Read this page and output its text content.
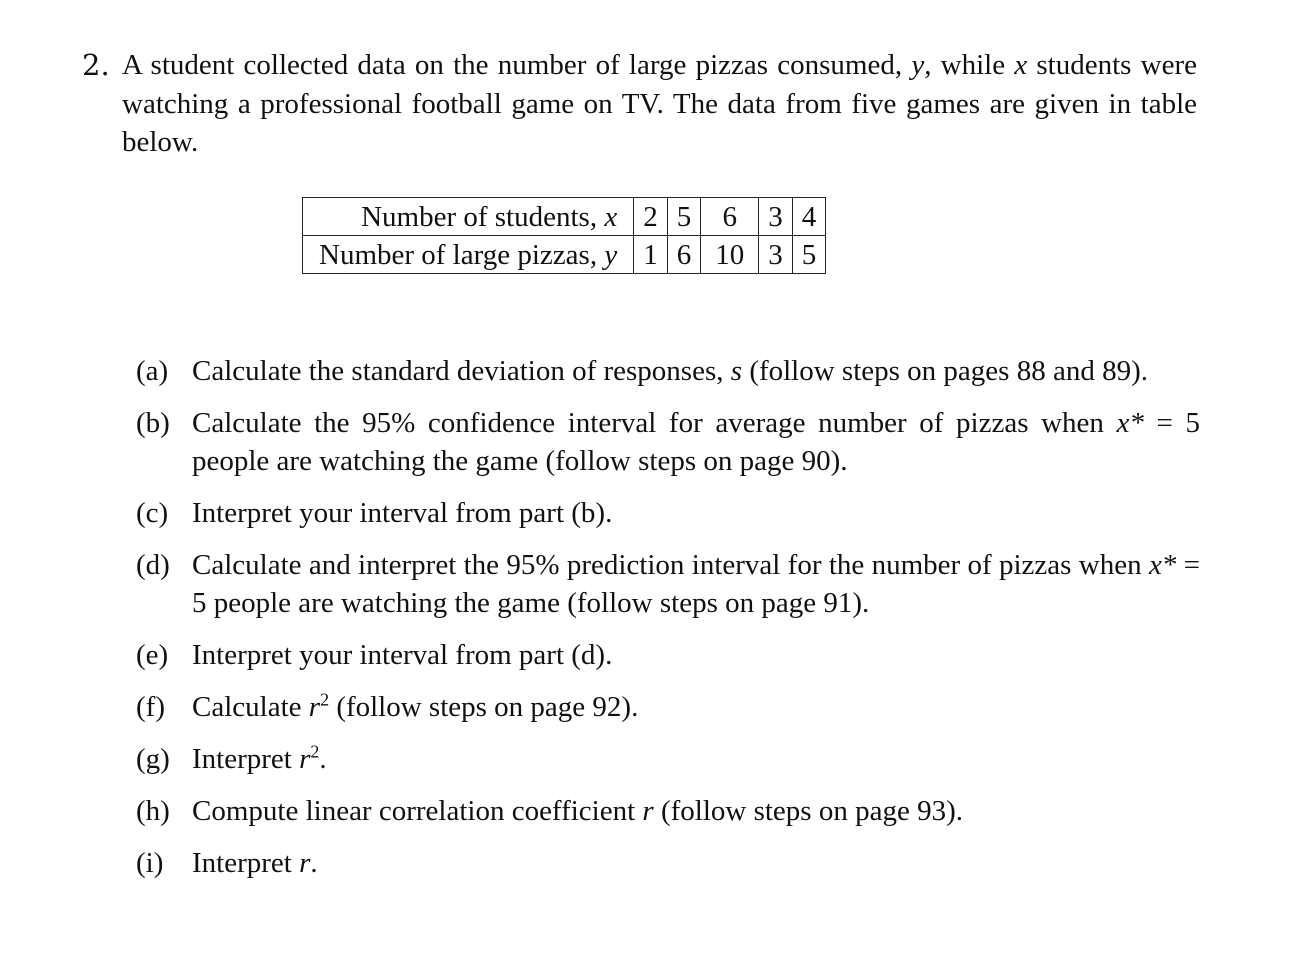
2. A student collected data on the number of large pizzas consumed, y, while x students were watching a professional football game on TV. The data from five games are given in table below.
Number of students, x	2	5	6	3	4
Number of large pizzas, y	1	6	10	3	5
(a) Calculate the standard deviation of responses, s (follow steps on pages 88 and 89).
(b) Calculate the 95% confidence interval for average number of pizzas when x* = 5 people are watching the game (follow steps on page 90).
(c) Interpret your interval from part (b).
(d) Calculate and interpret the 95% prediction interval for the number of pizzas when x* = 5 people are watching the game (follow steps on page 91).
(e) Interpret your interval from part (d).
(f) Calculate $r^2$ (follow steps on page 92).
(g) Interpret $r^2$.
(h) Compute linear correlation coefficient r (follow steps on page 93).
(i) Interpret r.
